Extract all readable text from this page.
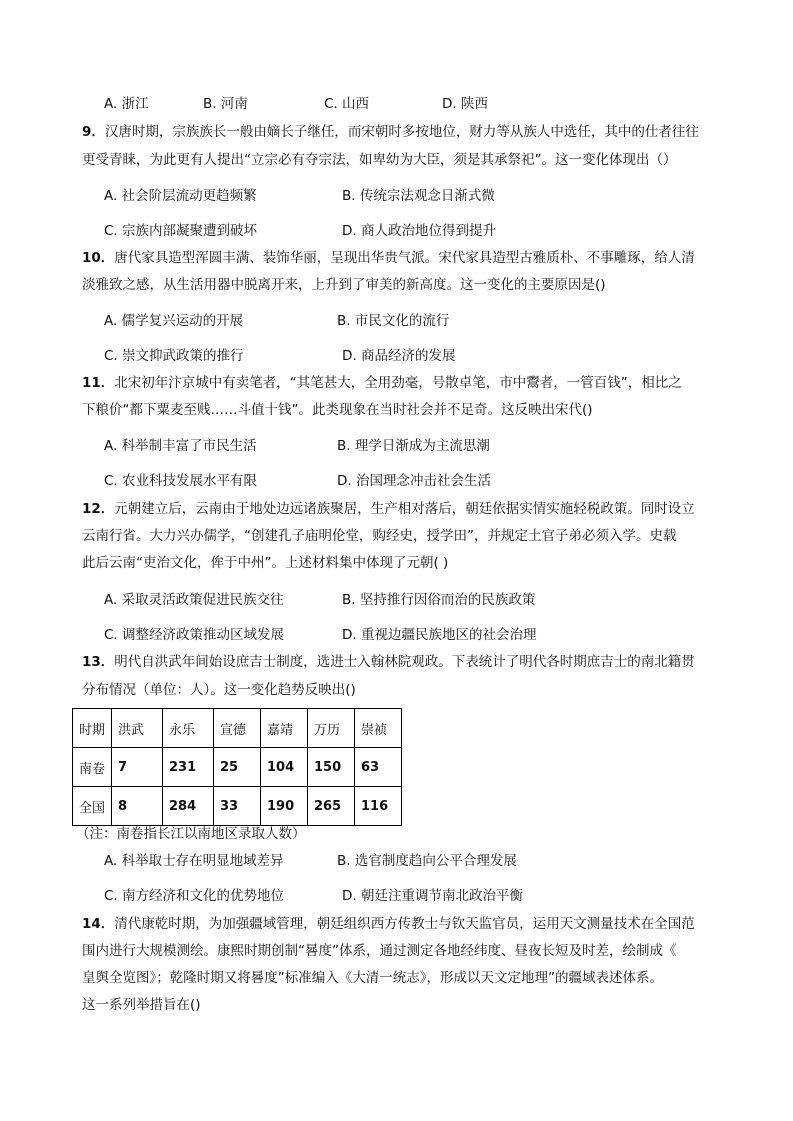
A. 浙江	B. 河南	C. 山西	D. 陕西
9．汉唐时期，宗族族长一般由嫡长子继任，而宋朝时多按地位，财力等从族人中选任，其中的仕者往往
更受青睐，为此更有人提出“立宗必有夺宗法，如卑幼为大臣，须是其承祭祀”。这一变化体现出（）
A. 社会阶层流动更趋频繁	B. 传统宗法观念日渐式微
C. 宗族内部凝聚遭到破坏	D. 商人政治地位得到提升
10．唐代家具造型浑圆丰满、装饰华丽，呈现出华贵气派。宋代家具造型古雅质朴、不事雕琢，给人清
淡雅致之感，从生活用器中脱离开来，上升到了审美的新高度。这一变化的主要原因是()
A. 儒学复兴运动的开展	B. 市民文化的流行
C. 崇文抑武政策的推行	D. 商品经济的发展
11．北宋初年汴京城中有卖笔者，“其笔甚大，全用劲毫，号散卓笔，市中鬻者，一管百钱”，相比之
下粮价“都下粟麦至贱……斗值十钱”。此类现象在当时社会并不足奇。这反映出宋代()
A. 科举制丰富了市民生活	B. 理学日渐成为主流思潮
C. 农业科技发展水平有限	D. 治国理念冲击社会生活
12．元朝建立后，云南由于地处边远诸族聚居，生产相对落后，朝廷依据实情实施轻税政策。同时设立
云南行省。大力兴办儒学，“创建孔子庙明伦堂，购经史，授学田”，并规定土官子弟必须入学。史载
此后云南“吏治文化，侔于中州”。上述材料集中体现了元朝( )
A. 采取灵活政策促进民族交往	B. 坚持推行因俗而治的民族政策
C. 调整经济政策推动区域发展	D. 重视边疆民族地区的社会治理
13．明代自洪武年间始设庶吉士制度，选进士入翰林院观政。下表统计了明代各时期庶吉士的南北籍贯
分布情况（单位：人）。这一变化趋势反映出()
时期	洪武	永乐	宣德	嘉靖	万历	崇祯
南卷	7	231	25	104	150	63
全国	8	284	33	190	265	116
（注：南卷指长江以南地区录取人数）
A. 科举取士存在明显地域差异	B. 选官制度趋向公平合理发展
C. 南方经济和文化的优势地位	D. 朝廷注重调节南北政治平衡
14．清代康乾时期，为加强疆域管理，朝廷组织西方传教士与钦天监官员，运用天文测量技术在全国范
围内进行大规模测绘。康熙时期创制“晷度”体系，通过测定各地经纬度、昼夜长短及时差，绘制成《
皇舆全览图》；乾隆时期又将晷度”标准编入《大清一统志》，形成以天文定地理”的疆域表述体系。
这一系列举措旨在()
